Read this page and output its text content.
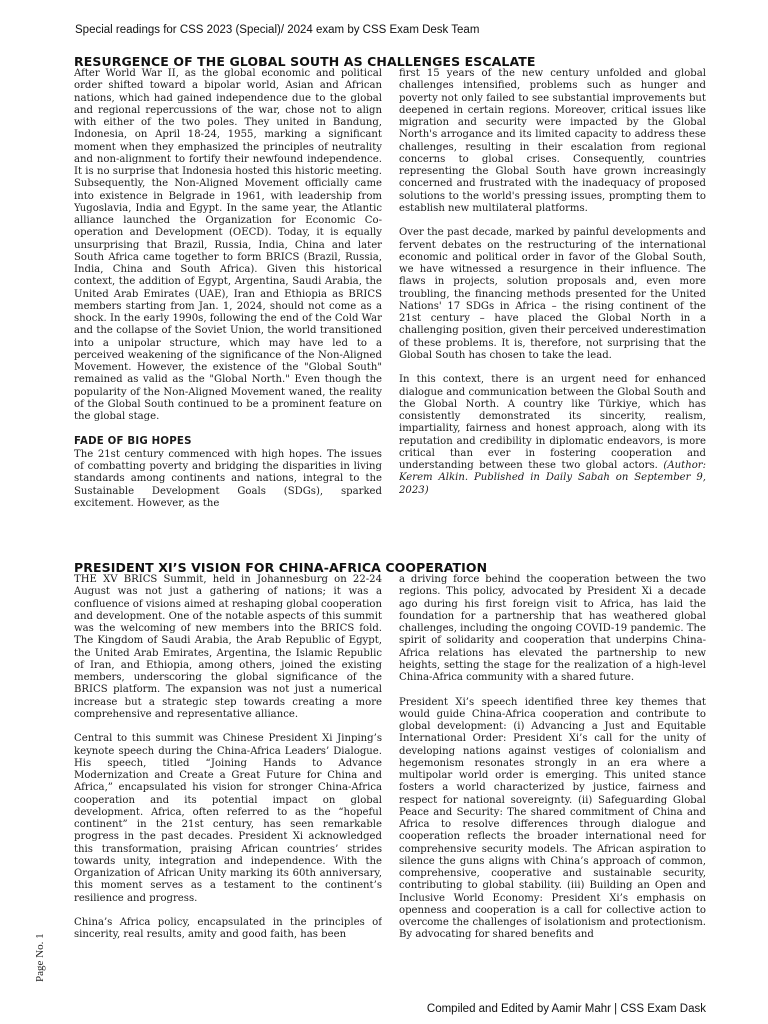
Special readings for CSS 2023 (Special)/ 2024 exam by CSS Exam Desk Team
RESURGENCE OF THE GLOBAL SOUTH AS CHALLENGES ESCALATE

After World War II, as the global economic and political order shifted toward a bipolar world, Asian and African nations, which had gained independence due to the global and regional repercussions of the war, chose not to align with either of the two poles. They united in Bandung, Indonesia, on April 18-24, 1955, marking a significant moment when they emphasized the principles of neutrality and non-alignment to fortify their newfound independence. It is no surprise that Indonesia hosted this historic meeting. Subsequently, the Non-Aligned Movement officially came into existence in Belgrade in 1961, with leadership from Yugoslavia, India and Egypt. In the same year, the Atlantic alliance launched the Organization for Economic Co-operation and Development (OECD). Today, it is equally unsurprising that Brazil, Russia, India, China and later South Africa came together to form BRICS (Brazil, Russia, India, China and South Africa). Given this historical context, the addition of Egypt, Argentina, Saudi Arabia, the United Arab Emirates (UAE), Iran and Ethiopia as BRICS members starting from Jan. 1, 2024, should not come as a shock. In the early 1990s, following the end of the Cold War and the collapse of the Soviet Union, the world transitioned into a unipolar structure, which may have led to a perceived weakening of the significance of the Non-Aligned Movement. However, the existence of the "Global South" remained as valid as the "Global North." Even though the popularity of the Non-Aligned Movement waned, the reality of the Global South continued to be a prominent feature on the global stage.

FADE OF BIG HOPES

The 21st century commenced with high hopes. The issues of combatting poverty and bridging the disparities in living standards among continents and nations, integral to the Sustainable Development Goals (SDGs), sparked excitement. However, as the

first 15 years of the new century unfolded and global challenges intensified, problems such as hunger and poverty not only failed to see substantial improvements but deepened in certain regions. Moreover, critical issues like migration and security were impacted by the Global North's arrogance and its limited capacity to address these challenges, resulting in their escalation from regional concerns to global crises. Consequently, countries representing the Global South have grown increasingly concerned and frustrated with the inadequacy of proposed solutions to the world's pressing issues, prompting them to establish new multilateral platforms.

Over the past decade, marked by painful developments and fervent debates on the restructuring of the international economic and political order in favor of the Global South, we have witnessed a resurgence in their influence. The flaws in projects, solution proposals and, even more troubling, the financing methods presented for the United Nations' 17 SDGs in Africa – the rising continent of the 21st century – have placed the Global North in a challenging position, given their perceived underestimation of these problems. It is, therefore, not surprising that the Global South has chosen to take the lead.

In this context, there is an urgent need for enhanced dialogue and communication between the Global South and the Global North. A country like Türkiye, which has consistently demonstrated its sincerity, realism, impartiality, fairness and honest approach, along with its reputation and credibility in diplomatic endeavors, is more critical than ever in fostering cooperation and understanding between these two global actors. (Author: Kerem Alkin. Published in Daily Sabah on September 9, 2023)

PRESIDENT XI’S VISION FOR CHINA-AFRICA COOPERATION

THE XV BRICS Summit, held in Johannesburg on 22-24 August was not just a gathering of nations; it was a confluence of visions aimed at reshaping global cooperation and development. One of the notable aspects of this summit was the welcoming of new members into the BRICS fold. The Kingdom of Saudi Arabia, the Arab Republic of Egypt, the United Arab Emirates, Argentina, the Islamic Republic of Iran, and Ethiopia, among others, joined the existing members, underscoring the global significance of the BRICS platform. The expansion was not just a numerical increase but a strategic step towards creating a more comprehensive and representative alliance.

Central to this summit was Chinese President Xi Jinping’s keynote speech during the China-Africa Leaders’ Dialogue. His speech, titled “Joining Hands to Advance Modernization and Create a Great Future for China and Africa,” encapsulated his vision for stronger China-Africa cooperation and its potential impact on global development. Africa, often referred to as the “hopeful continent” in the 21st century, has seen remarkable progress in the past decades. President Xi acknowledged this transformation, praising African countries’ strides towards unity, integration and independence. With the Organization of African Unity marking its 60th anniversary, this moment serves as a testament to the continent’s resilience and progress.

China’s Africa policy, encapsulated in the principles of sincerity, real results, amity and good faith, has been

a driving force behind the cooperation between the two regions. This policy, advocated by President Xi a decade ago during his first foreign visit to Africa, has laid the foundation for a partnership that has weathered global challenges, including the ongoing COVID-19 pandemic. The spirit of solidarity and cooperation that underpins China-Africa relations has elevated the partnership to new heights, setting the stage for the realization of a high-level China-Africa community with a shared future.

President Xi’s speech identified three key themes that would guide China-Africa cooperation and contribute to global development: (i) Advancing a Just and Equitable International Order: President Xi’s call for the unity of developing nations against vestiges of colonialism and hegemonism resonates strongly in an era where a multipolar world order is emerging. This united stance fosters a world characterized by justice, fairness and respect for national sovereignty. (ii) Safeguarding Global Peace and Security: The shared commitment of China and Africa to resolve differences through dialogue and cooperation reflects the broader international need for comprehensive security models. The African aspiration to silence the guns aligns with China’s approach of common, comprehensive, cooperative and sustainable security, contributing to global stability. (iii) Building an Open and Inclusive World Economy: President Xi’s emphasis on openness and cooperation is a call for collective action to overcome the challenges of isolationism and protectionism. By advocating for shared benefits and

Page No. 1
Compiled and Edited by Aamir Mahr | CSS Exam Dask
